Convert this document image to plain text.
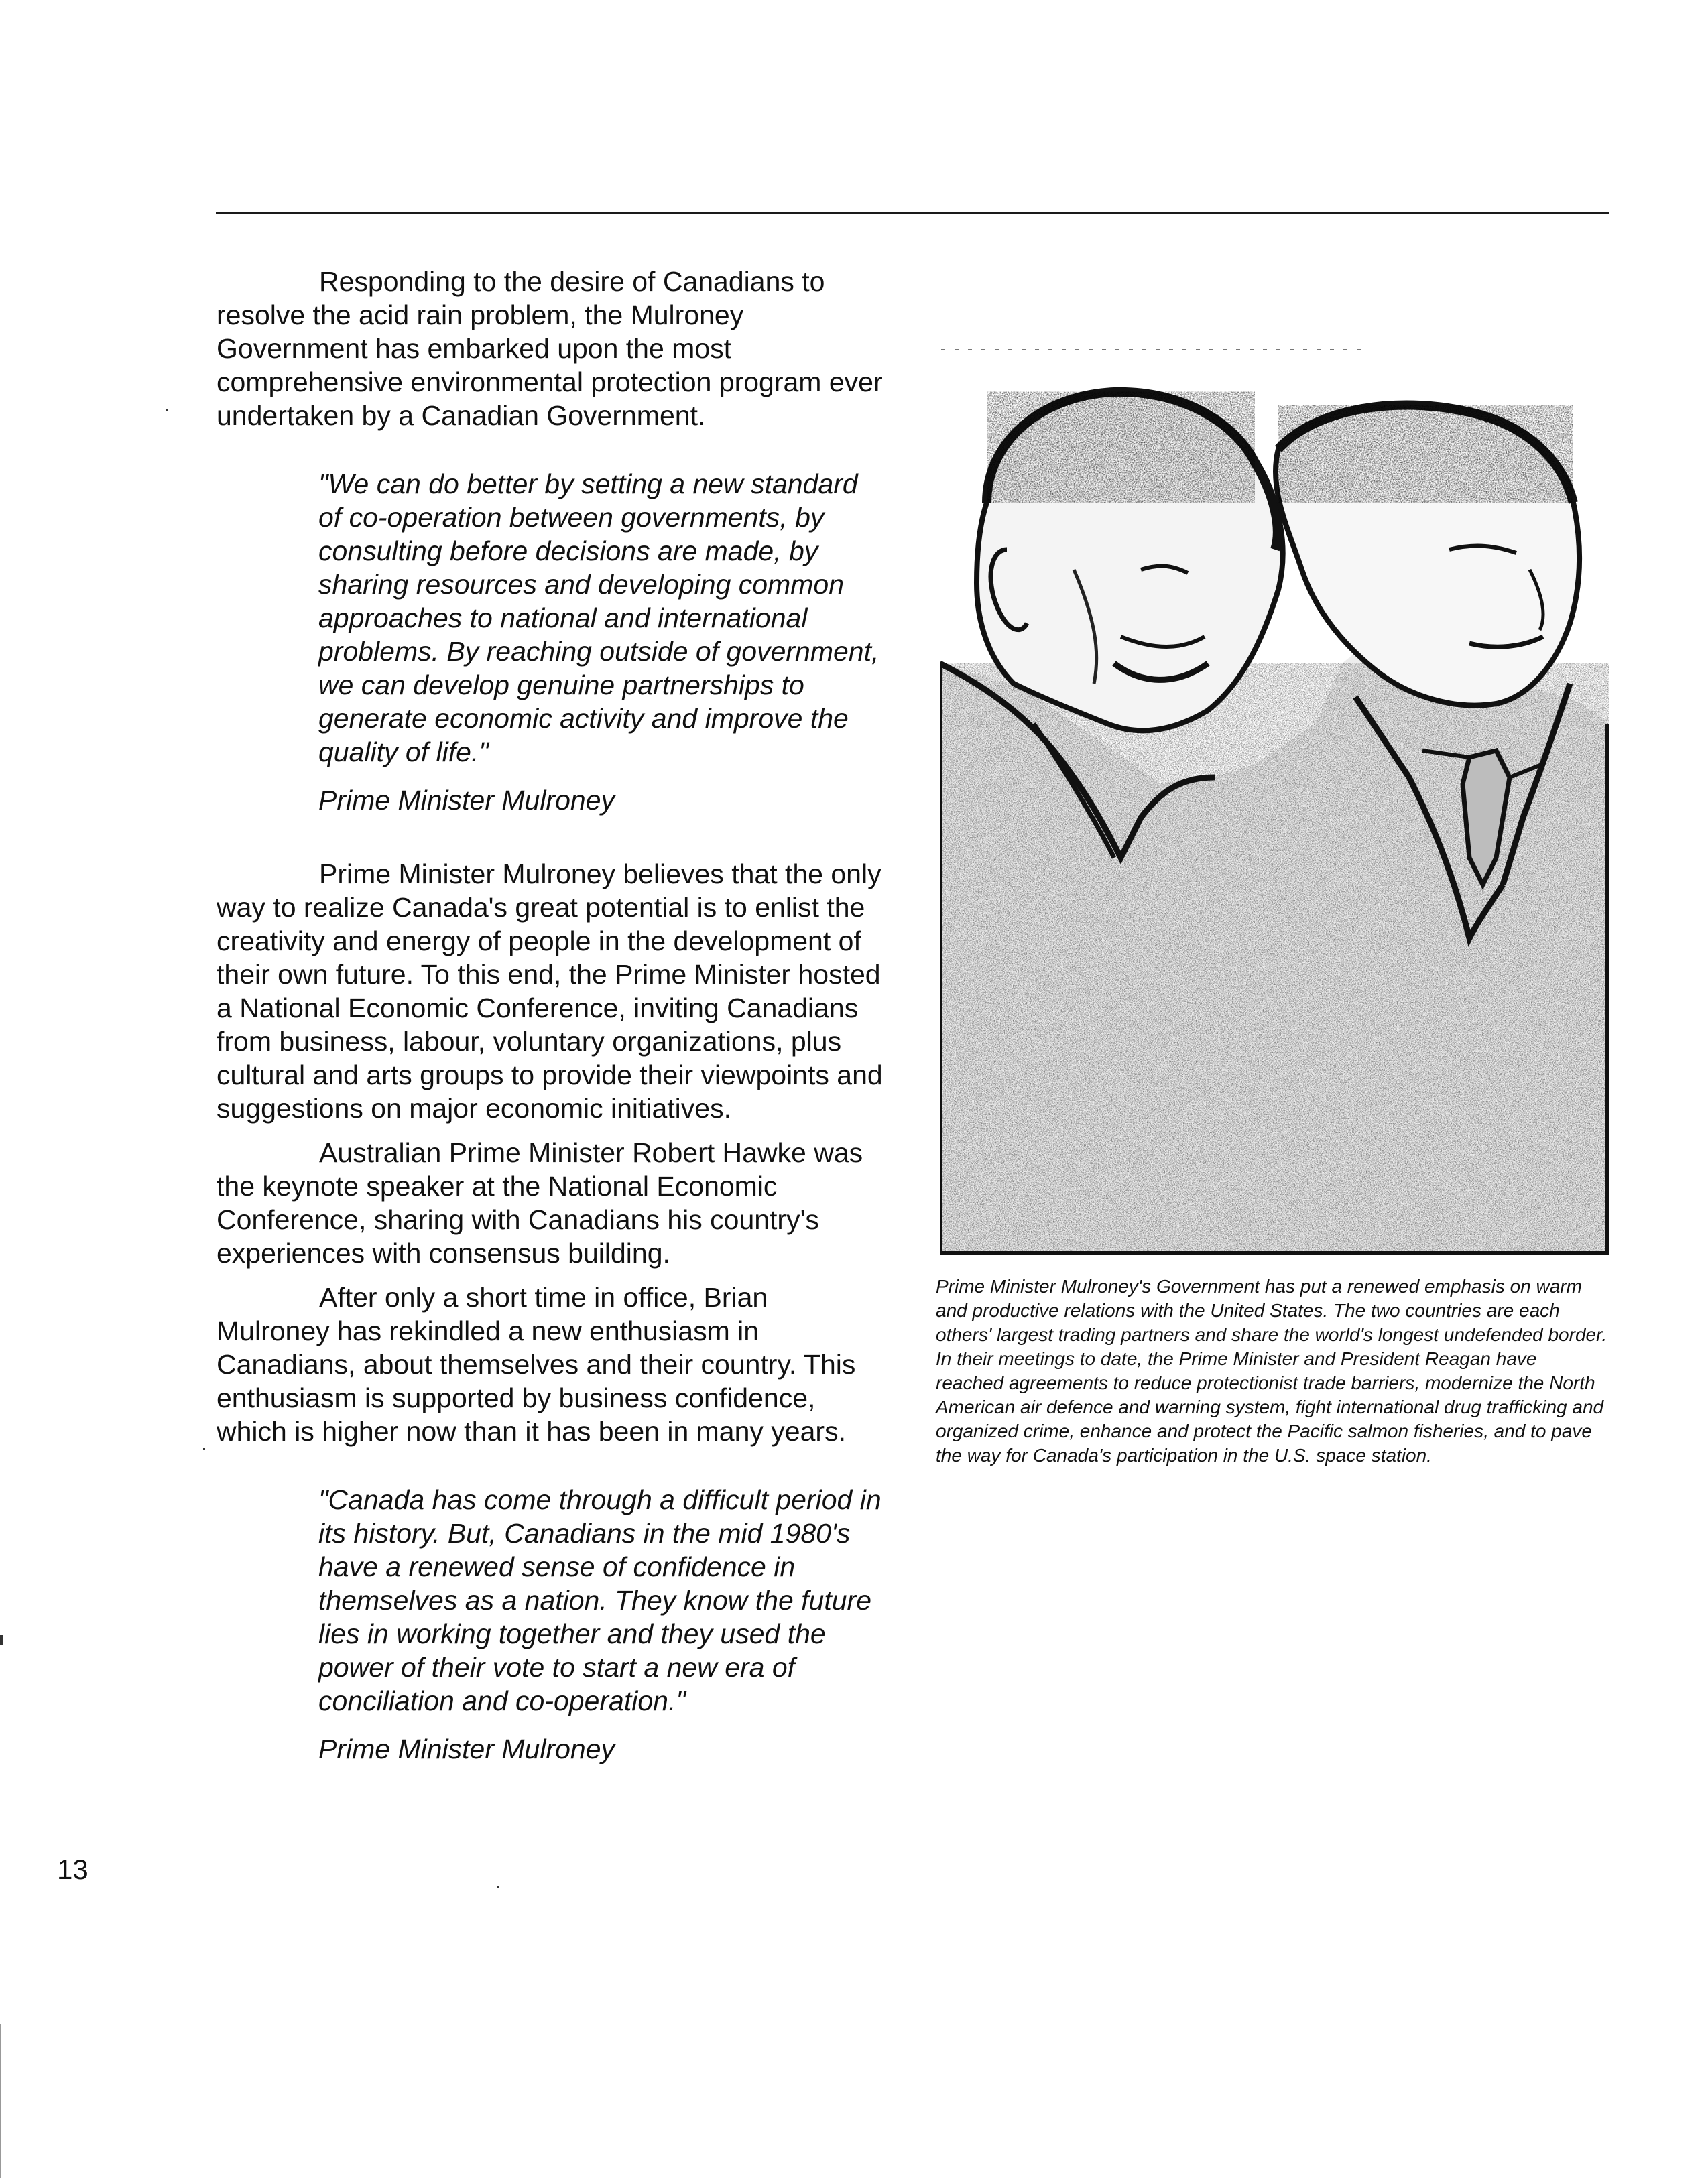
Responding to the desire of Canadians to resolve the acid rain problem, the Mulroney Government has embarked upon the most comprehensive environmental protection program ever undertaken by a Canadian Government.

"We can do better by setting a new standard of co-operation between governments, by consulting before decisions are made, by sharing resources and developing common approaches to national and international problems. By reaching outside of government, we can develop genuine partnerships to generate economic activity and improve the quality of life."

Prime Minister Mulroney

Prime Minister Mulroney believes that the only way to realize Canada's great potential is to enlist the creativity and energy of people in the development of their own future. To this end, the Prime Minister hosted a National Economic Conference, inviting Canadians from business, labour, voluntary organizations, plus cultural and arts groups to provide their viewpoints and suggestions on major economic initiatives.

Australian Prime Minister Robert Hawke was the keynote speaker at the National Economic Conference, sharing with Canadians his country's experiences with consensus building.

After only a short time in office, Brian Mulroney has rekindled a new enthusiasm in Canadians, about themselves and their country. This enthusiasm is supported by business confidence, which is higher now than it has been in many years.

"Canada has come through a difficult period in its history. But, Canadians in the mid 1980's have a renewed sense of confidence in themselves as a nation. They know the future lies in working together and they used the power of their vote to start a new era of conciliation and co-operation."

Prime Minister Mulroney

Prime Minister Mulroney's Government has put a renewed emphasis on warm and productive relations with the United States. The two countries are each others' largest trading partners and share the world's longest undefended border. In their meetings to date, the Prime Minister and President Reagan have reached agreements to reduce protectionist trade barriers, modernize the North American air defence and warning system, fight international drug trafficking and organized crime, enhance and protect the Pacific salmon fisheries, and to pave the way for Canada's participation in the U.S. space station.

13
